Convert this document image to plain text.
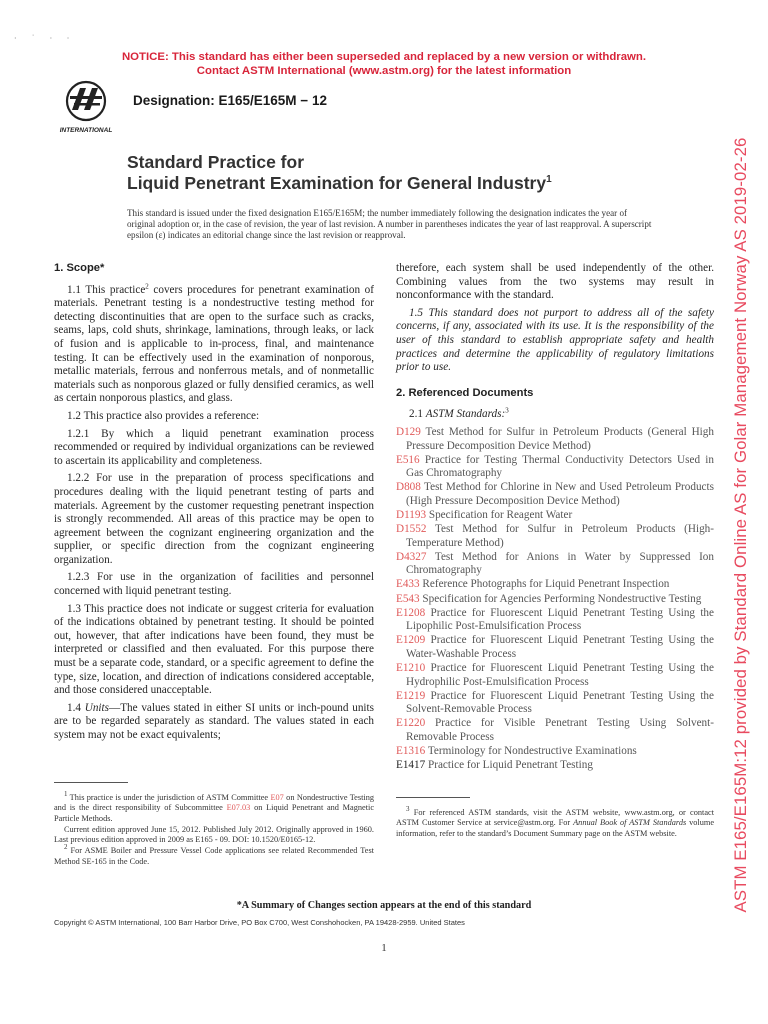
· ˙ · ·
NOTICE: This standard has either been superseded and replaced by a new version or withdrawn.
Contact ASTM International (www.astm.org) for the latest information
INTERNATIONAL
Designation: E165/E165M − 12
Standard Practice for
Liquid Penetrant Examination for General Industry$^1$

This standard is issued under the fixed designation E165/E165M; the number immediately following the designation indicates the year of original adoption or, in the case of revision, the year of last revision. A number in parentheses indicates the year of last reapproval. A superscript epsilon (ε) indicates an editorial change since the last revision or reapproval.

1. Scope*

1.1 This practice$^2$ covers procedures for penetrant examination of materials. Penetrant testing is a nondestructive testing method for detecting discontinuities that are open to the surface such as cracks, seams, laps, cold shuts, shrinkage, laminations, through leaks, or lack of fusion and is applicable to in-process, final, and maintenance testing. It can be effectively used in the examination of nonporous, metallic materials, ferrous and nonferrous metals, and of nonmetallic materials such as nonporous glazed or fully densified ceramics, as well as certain nonporous plastics, and glass.

1.2 This practice also provides a reference:

1.2.1 By which a liquid penetrant examination process recommended or required by individual organizations can be reviewed to ascertain its applicability and completeness.

1.2.2 For use in the preparation of process specifications and procedures dealing with the liquid penetrant testing of parts and materials. Agreement by the customer requesting penetrant inspection is strongly recommended. All areas of this practice may be open to agreement between the cognizant engineering organization and the supplier, or specific direction from the cognizant engineering organization.

1.2.3 For use in the organization of facilities and personnel concerned with liquid penetrant testing.

1.3 This practice does not indicate or suggest criteria for evaluation of the indications obtained by penetrant testing. It should be pointed out, however, that after indications have been found, they must be interpreted or classified and then evaluated. For this purpose there must be a separate code, standard, or a specific agreement to define the type, size, location, and direction of indications considered acceptable, and those considered unacceptable.

1.4 Units—The values stated in either SI units or inch-pound units are to be regarded separately as standard. The values stated in each system may not be exact equivalents;

$^1$ This practice is under the jurisdiction of ASTM Committee E07 on Nondestructive Testing and is the direct responsibility of Subcommittee E07.03 on Liquid Penetrant and Magnetic Particle Methods.

Current edition approved June 15, 2012. Published July 2012. Originally approved in 1960. Last previous edition approved in 2009 as E165 - 09. DOI: 10.1520/E0165-12.

$^2$ For ASME Boiler and Pressure Vessel Code applications see related Recommended Test Method SE-165 in the Code.

therefore, each system shall be used independently of the other. Combining values from the two systems may result in nonconformance with the standard.

1.5 This standard does not purport to address all of the safety concerns, if any, associated with its use. It is the responsibility of the user of this standard to establish appropriate safety and health practices and determine the applicability of regulatory limitations prior to use.

2. Referenced Documents

2.1 ASTM Standards:$^3$

D129 Test Method for Sulfur in Petroleum Products (General High Pressure Decomposition Device Method)
E516 Practice for Testing Thermal Conductivity Detectors Used in Gas Chromatography
D808 Test Method for Chlorine in New and Used Petroleum Products (High Pressure Decomposition Device Method)
D1193 Specification for Reagent Water
D1552 Test Method for Sulfur in Petroleum Products (High-Temperature Method)
D4327 Test Method for Anions in Water by Suppressed Ion Chromatography
E433 Reference Photographs for Liquid Penetrant Inspection
E543 Specification for Agencies Performing Nondestructive Testing
E1208 Practice for Fluorescent Liquid Penetrant Testing Using the Lipophilic Post-Emulsification Process
E1209 Practice for Fluorescent Liquid Penetrant Testing Using the Water-Washable Process
E1210 Practice for Fluorescent Liquid Penetrant Testing Using the Hydrophilic Post-Emulsification Process
E1219 Practice for Fluorescent Liquid Penetrant Testing Using the Solvent-Removable Process
E1220 Practice for Visible Penetrant Testing Using Solvent-Removable Process
E1316 Terminology for Nondestructive Examinations
E1417 Practice for Liquid Penetrant Testing

$^3$ For referenced ASTM standards, visit the ASTM website, www.astm.org, or contact ASTM Customer Service at service@astm.org. For Annual Book of ASTM Standards volume information, refer to the standard’s Document Summary page on the ASTM website.

*A Summary of Changes section appears at the end of this standard
Copyright © ASTM International, 100 Barr Harbor Drive, PO Box C700, West Conshohocken, PA 19428-2959. United States
1
ASTM E165/E165M:12 provided by Standard Online AS for Golar Management Norway AS 2019-02-26
